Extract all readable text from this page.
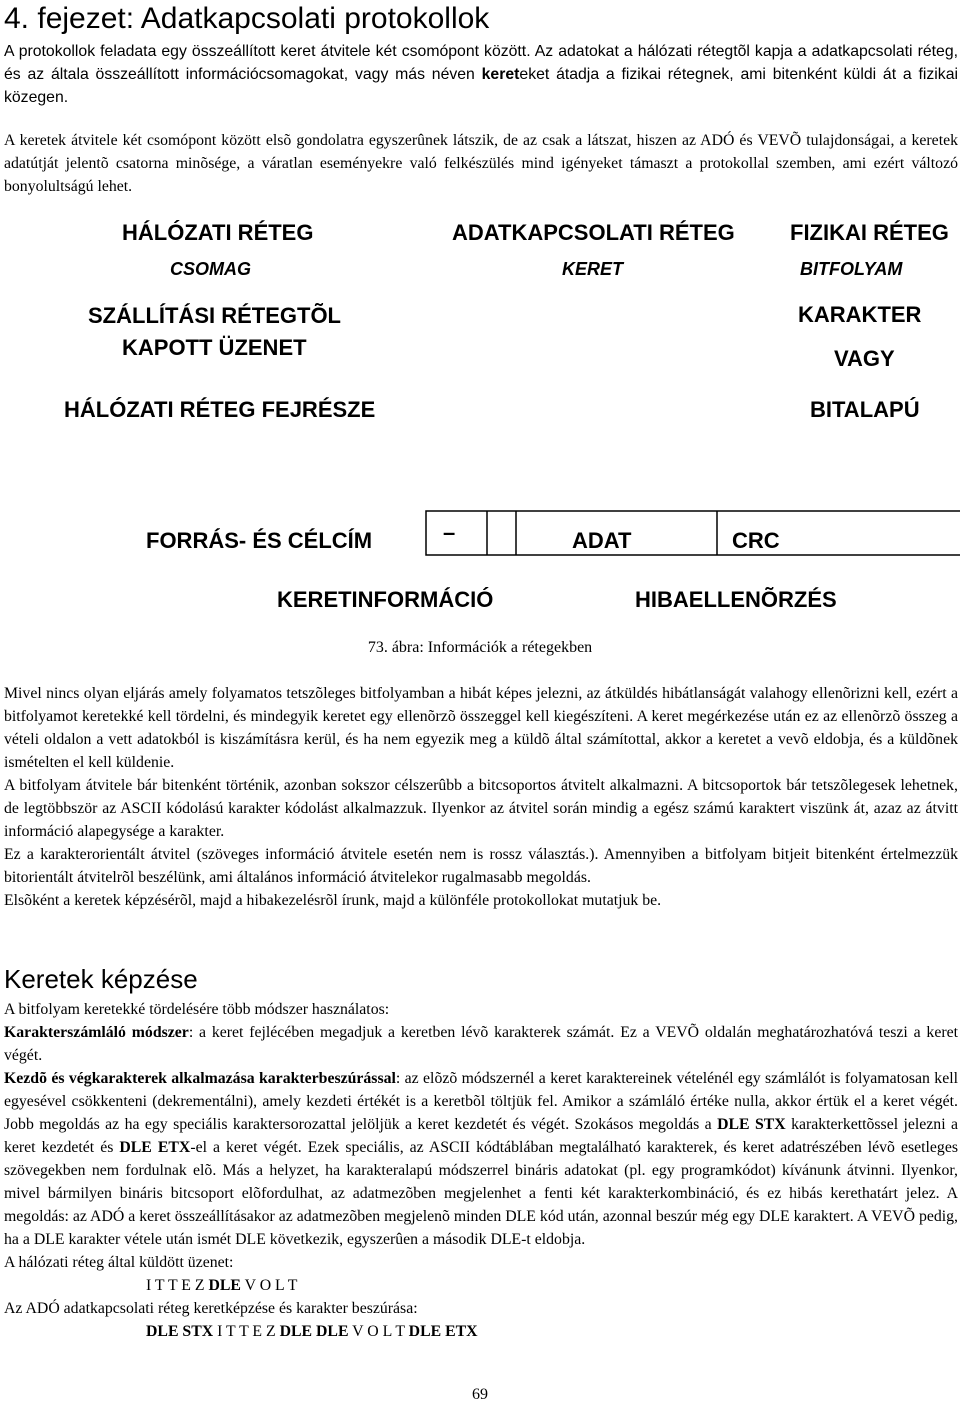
4. fejezet: Adatkapcsolati protokollok

A protokollok feladata egy összeállított keret átvitele két csomópont között. Az adatokat a hálózati rétegtõl kapja a adatkapcsolati réteg, és az általa összeállított információcsomagokat, vagy más néven kereteket átadja a fizikai rétegnek, ami bitenként küldi át a fizikai közegen.

A keretek átvitele két csomópont között elsõ gondolatra egyszerûnek látszik, de az csak a látszat, hiszen az ADÓ és VEVÕ tulajdonságai, a keretek adatútját jelentõ csatorna minõsége, a váratlan eseményekre való felkészülés mind igényeket támaszt a protokollal szemben, ami ezért változó bonyolultságú lehet.

HÁLÓZATI RÉTEG	ADATKAPCSOLATI RÉTEG	FIZIKAI RÉTEG
CSOMAG	KERET	BITFOLYAM
SZÁLLÍTÁSI RÉTEGTÕL
KAPOTT ÜZENET
HÁLÓZATI RÉTEG FEJRÉSZE
KARAKTER
VAGY
BITALAPÚ
FORRÁS- ÉS CÉLCÍM	–	ADAT	CRC
KERETINFORMÁCIÓ	HIBAELLENÕRZÉS
73. ábra: Információk a rétegekben

Mivel nincs olyan eljárás amely folyamatos tetszõleges bitfolyamban a hibát képes jelezni, az átküldés hibátlanságát valahogy ellenõrizni kell, ezért a bitfolyamot keretekké kell tördelni, és mindegyik keretet egy ellenõrzõ összeggel kell kiegészíteni. A keret megérkezése után ez az ellenõrzõ összeg a vételi oldalon a vett adatokból is kiszámításra kerül, és ha nem egyezik meg a küldõ által számítottal, akkor a keretet a vevõ eldobja, és a küldõnek ismételten el kell küldenie.

A bitfolyam átvitele bár bitenként történik, azonban sokszor célszerûbb a bitcsoportos átvitelt alkalmazni. A bitcsoportok bár tetszõlegesek lehetnek, de legtöbbször az ASCII kódolású karakter kódolást alkalmazzuk. Ilyenkor az átvitel során mindig a egész számú karaktert viszünk át, azaz az átvitt információ alapegysége a karakter.

Ez a karakterorientált átvitel (szöveges információ átvitele esetén nem is rossz választás.). Amennyiben a bitfolyam bitjeit bitenként értelmezzük bitorientált átvitelrõl beszélünk, ami általános információ átvitelekor rugalmasabb megoldás.

Elsõként a keretek képzésérõl, majd a hibakezelésrõl írunk, majd a különféle protokollokat mutatjuk be.

Keretek képzése

A bitfolyam keretekké tördelésére több módszer használatos:

Karakterszámláló módszer: a keret fejlécében megadjuk a keretben lévõ karakterek számát. Ez a VEVÕ oldalán meghatározhatóvá teszi a keret végét.

Kezdõ és végkarakterek alkalmazása karakterbeszúrással: az elõzõ módszernél a keret karaktereinek vételénél egy számlálót is folyamatosan kell egyesével csökkenteni (dekrementálni), amely kezdeti értékét is a keretbõl töltjük fel. Amikor a számláló értéke nulla, akkor értük el a keret végét. Jobb megoldás az ha egy speciális karaktersorozattal jelöljük a keret kezdetét és végét. Szokásos megoldás a DLE STX karakterkettõssel jelezni a keret kezdetét és DLE ETX-el a keret végét. Ezek speciális, az ASCII kódtáblában megtalálható karakterek, és keret adatrészében lévõ esetleges szövegekben nem fordulnak elõ. Más a helyzet, ha karakteralapú módszerrel bináris adatokat (pl. egy programkódot) kívánunk átvinni. Ilyenkor, mivel bármilyen bináris bitcsoport elõfordulhat, az adatmezõben megjelenhet a fenti két karakterkombináció, és ez hibás kerethatárt jelez. A megoldás: az ADÓ a keret összeállításakor az adatmezõben megjelenõ minden DLE kód után, azonnal beszúr még egy DLE karaktert. A VEVÕ pedig, ha a DLE karakter vétele után ismét DLE következik, egyszerûen a második DLE-t eldobja.

A hálózati réteg által küldött üzenet:

I T T E Z DLE V O L T

Az ADÓ adatkapcsolati réteg keretképzése és karakter beszúrása:

DLE STX I T T E Z DLE DLE V O L T DLE ETX

69
